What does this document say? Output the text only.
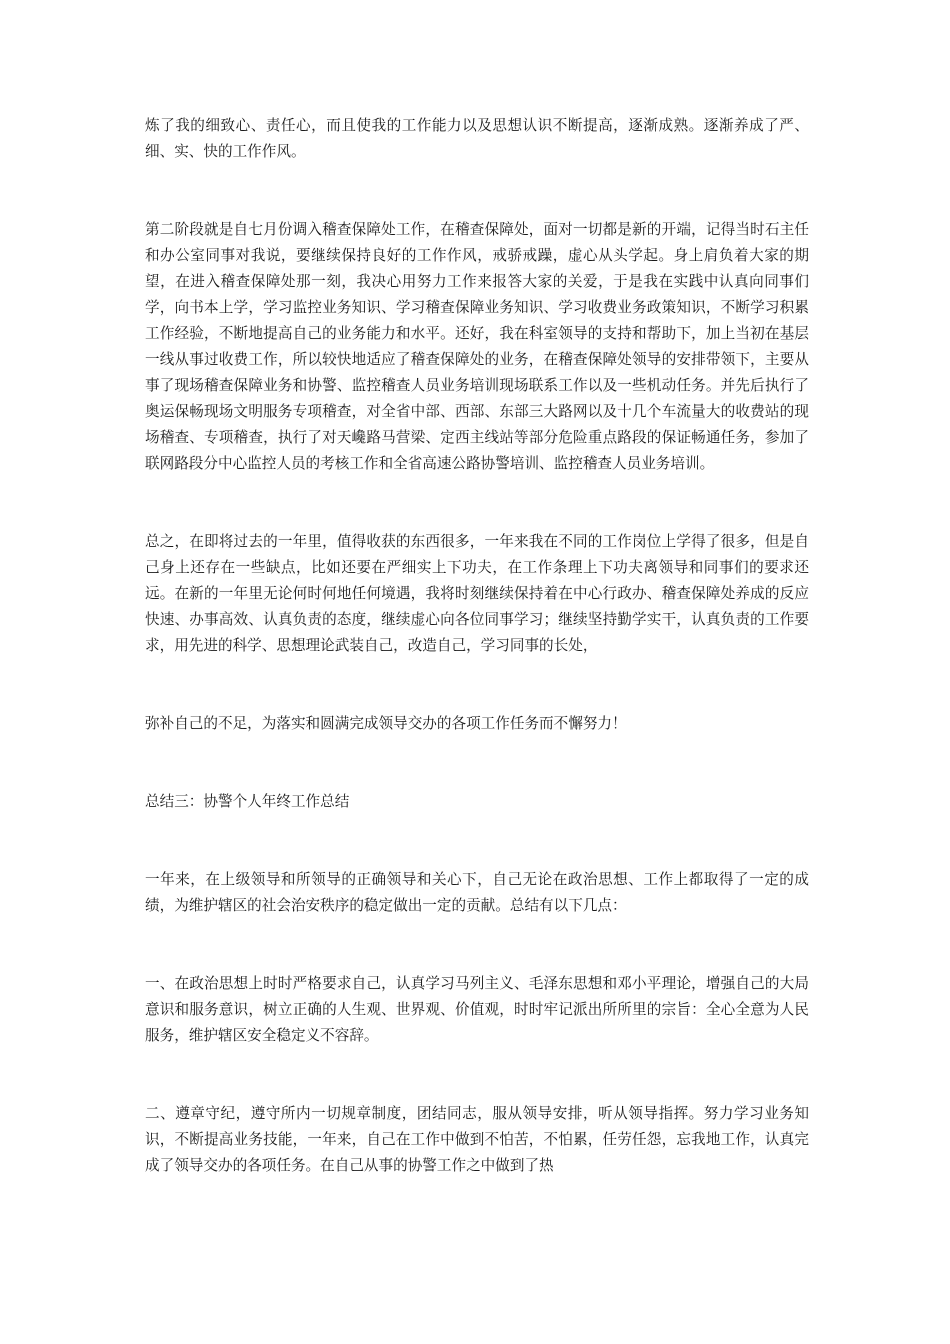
炼了我的细致心、责任心，而且使我的工作能力以及思想认识不断提高，逐渐成熟。逐渐养成了严、细、实、快的工作作风。

第二阶段就是自七月份调入稽查保障处工作，在稽查保障处，面对一切都是新的开端，记得当时石主任和办公室同事对我说，要继续保持良好的工作作风，戒骄戒躁，虚心从头学起。身上肩负着大家的期望，在进入稽查保障处那一刻，我决心用努力工作来报答大家的关爱，于是我在实践中认真向同事们学，向书本上学，学习监控业务知识、学习稽查保障业务知识、学习收费业务政策知识，不断学习积累工作经验，不断地提高自己的业务能力和水平。还好，我在科室领导的支持和帮助下，加上当初在基层一线从事过收费工作，所以较快地适应了稽查保障处的业务，在稽查保障处领导的安排带领下，主要从事了现场稽查保障业务和协警、监控稽查人员业务培训现场联系工作以及一些机动任务。并先后执行了奥运保畅现场文明服务专项稽查，对全省中部、西部、东部三大路网以及十几个车流量大的收费站的现场稽查、专项稽查，执行了对天巉路马营梁、定西主线站等部分危险重点路段的保证畅通任务，参加了联网路段分中心监控人员的考核工作和全省高速公路协警培训、监控稽查人员业务培训。

总之，在即将过去的一年里，值得收获的东西很多，一年来我在不同的工作岗位上学得了很多，但是自己身上还存在一些缺点，比如还要在严细实上下功夫，在工作条理上下功夫离领导和同事们的要求还远。在新的一年里无论何时何地任何境遇，我将时刻继续保持着在中心行政办、稽查保障处养成的反应快速、办事高效、认真负责的态度，继续虚心向各位同事学习；继续坚持勤学实干，认真负责的工作要求，用先进的科学、思想理论武装自己，改造自己，学习同事的长处，

弥补自己的不足，为落实和圆满完成领导交办的各项工作任务而不懈努力！

总结三：协警个人年终工作总结

一年来，在上级领导和所领导的正确领导和关心下，自己无论在政治思想、工作上都取得了一定的成绩，为维护辖区的社会治安秩序的稳定做出一定的贡献。总结有以下几点：

一、在政治思想上时时严格要求自己，认真学习马列主义、毛泽东思想和邓小平理论，增强自己的大局意识和服务意识，树立正确的人生观、世界观、价值观，时时牢记派出所所里的宗旨：全心全意为人民服务，维护辖区安全稳定义不容辞。

二、遵章守纪，遵守所内一切规章制度，团结同志，服从领导安排，听从领导指挥。努力学习业务知识，不断提高业务技能，一年来，自己在工作中做到不怕苦，不怕累，任劳任怨，忘我地工作，认真完成了领导交办的各项任务。在自己从事的协警工作之中做到了热
